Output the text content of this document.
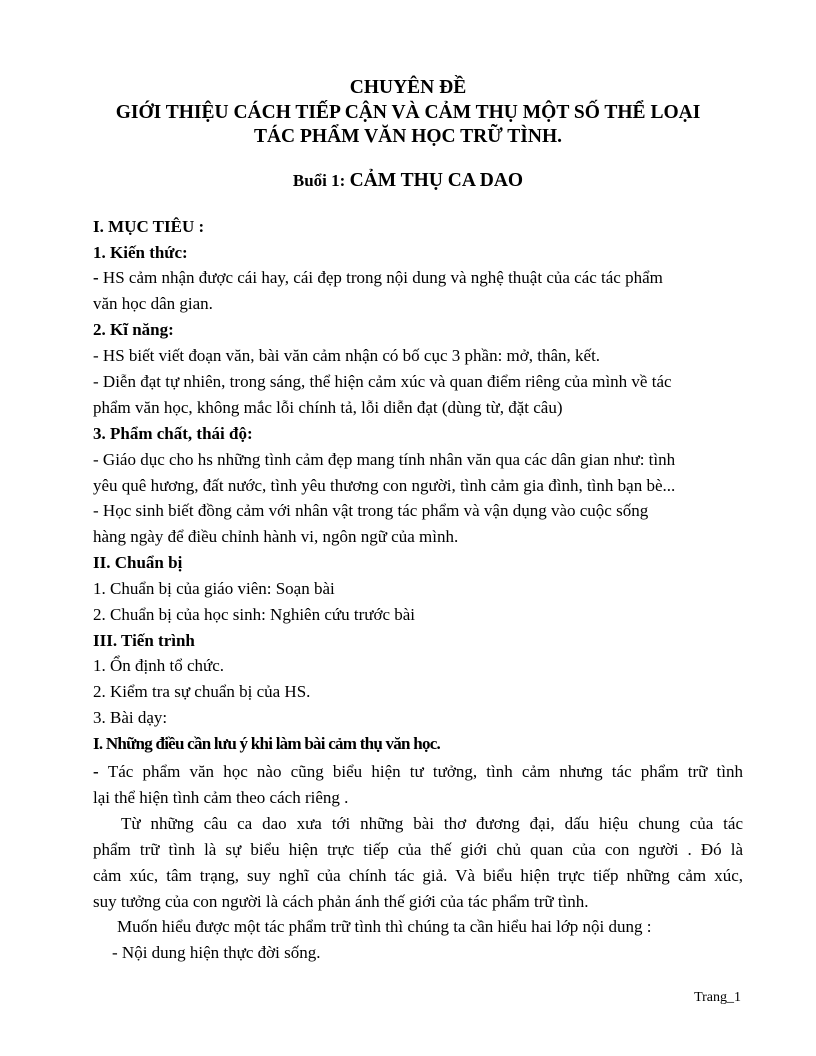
CHUYÊN ĐỀ

GIỚI THIỆU CÁCH TIẾP CẬN VÀ CẢM THỤ MỘT SỐ THỂ LOẠI

TÁC PHẨM VĂN HỌC TRỮ TÌNH.

Buổi 1: CẢM THỤ CA DAO

I. MỤC TIÊU :

1. Kiến thức:

- HS cảm nhận được cái hay, cái đẹp trong nội dung và nghệ thuật của các tác phẩm

văn học dân gian.

2. Kĩ năng:

- HS biết viết đoạn văn, bài văn cảm nhận có bố cục 3 phần: mở, thân, kết.

- Diễn đạt tự nhiên, trong sáng, thể hiện cảm xúc và quan điểm riêng của mình về tác

phẩm văn học, không mắc lỗi chính tả, lỗi diễn đạt (dùng từ, đặt câu)

3. Phẩm chất, thái độ:

- Giáo dục cho hs những tình cảm đẹp mang tính nhân văn qua các dân gian như: tình

yêu quê hương, đất nước, tình yêu thương con người, tình cảm gia đình, tình bạn bè...

- Học sinh biết đồng cảm với nhân vật trong tác phẩm và vận dụng vào cuộc sống

hàng ngày để điều chỉnh hành vi, ngôn ngữ của mình.

II. Chuẩn bị

1. Chuẩn bị của giáo viên: Soạn bài

2. Chuẩn bị của học sinh: Nghiên cứu trước bài

III. Tiến trình

1. Ổn định tổ chức.

2. Kiểm tra sự chuẩn bị của HS.

3. Bài dạy:

I. Những điều cần lưu ý khi làm bài cảm thụ văn học.

- Tác phẩm văn học nào cũng biểu hiện tư tưởng, tình cảm nhưng tác phẩm trữ tình

lại thể hiện tình cảm theo cách riêng .

Từ những câu ca dao xưa tới những bài thơ đương đại, dấu hiệu chung của tác

phẩm trữ tình là sự biểu hiện trực tiếp của thế giới chủ quan của con người . Đó là

cảm xúc, tâm trạng, suy nghĩ của chính tác giả. Và biểu hiện trực tiếp những cảm xúc,

suy tưởng của con người là cách phản ánh thế giới của tác phẩm trữ tình.

Muốn hiểu được một tác phẩm trữ tình thì chúng ta cần hiểu hai lớp nội dung :

- Nội dung hiện thực đời sống.

Trang_1
